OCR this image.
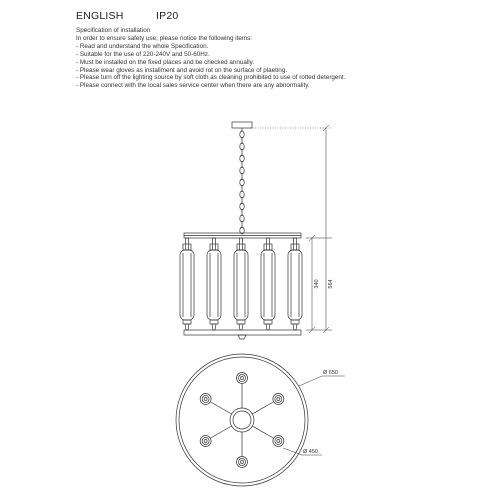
ENGLISH	IP20
Specification of installation
In order to ensure safety use, please notice the following items:
- Read and understand the whole Specification.
- Suitable for the use of 220-240V and 50-60Hz.
- Must be installed on the fixed places and be checked annually.
- Please wear gloves as installment and avoid rot on the surface of plaeting.
- Please turn off the lighting source by soft cloth as cleaning prohibited to use of rotted detergent.
- Please connect with the local sales service center when there are any abnormality.
340 564
Ø 650
Ø 450
